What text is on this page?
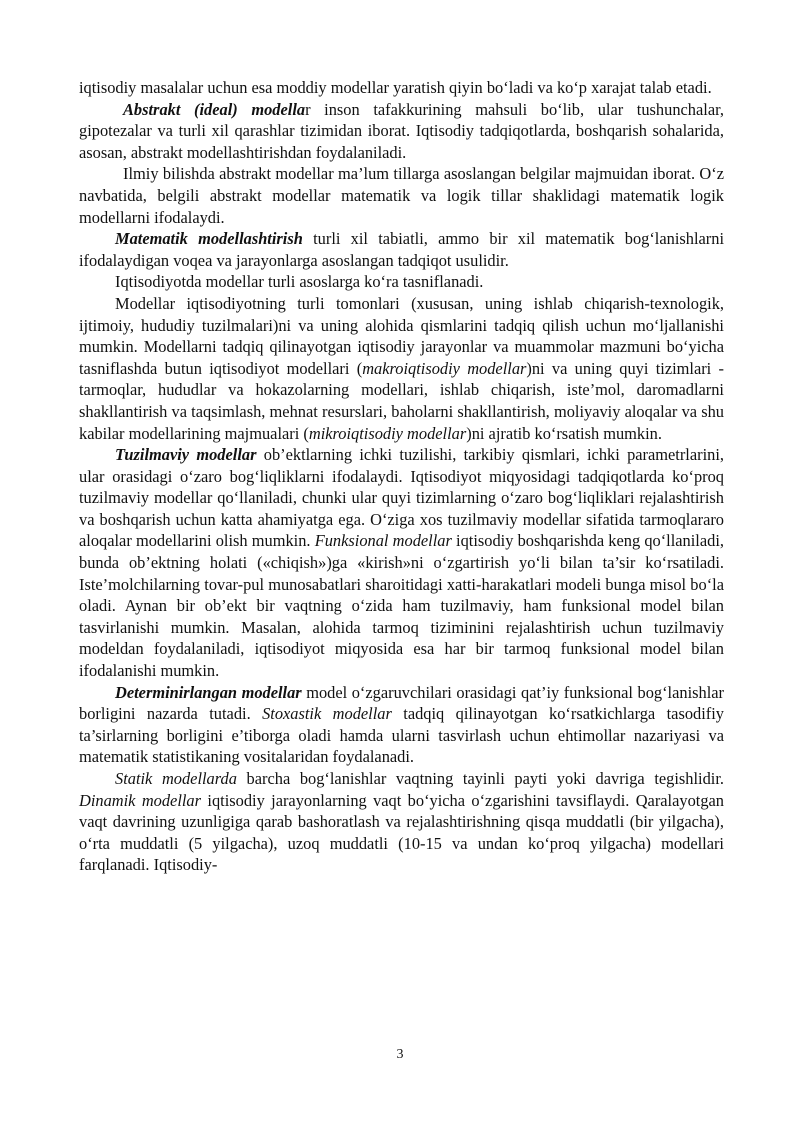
iqtisodiy masalalar uchun esa moddiy modellar yaratish qiyin bo‘ladi va ko‘p xarajat talab etadi.

Abstrakt (ideal) modellar inson tafakkurining mahsuli bo‘lib, ular tushunchalar, gipotezalar va turli xil qarashlar tizimidan iborat. Iqtisodiy tadqiqotlarda, boshqarish sohalarida, asosan, abstrakt modellashtirishdan foydalaniladi.

Ilmiy bilishda abstrakt modellar ma’lum tillarga asoslangan belgilar majmuidan iborat. O‘z navbatida, belgili abstrakt modellar matematik va logik tillar shaklidagi matematik logik modellarni ifodalaydi.

Matematik modellashtirish turli xil tabiatli, ammo bir xil matematik bog‘lanishlarni ifodalaydigan voqea va jarayonlarga asoslangan tadqiqot usulidir.

Iqtisodiyotda modellar turli asoslarga ko‘ra tasniflanadi.

Modellar iqtisodiyotning turli tomonlari (xususan, uning ishlab chiqarish-texnologik, ijtimoiy, hududiy tuzilmalari)ni va uning alohida qismlarini tadqiq qilish uchun mo‘ljallanishi mumkin. Modellarni tadqiq qilinayotgan iqtisodiy jarayonlar va muammolar mazmuni bo‘yicha tasniflashda butun iqtisodiyot modellari (makroiqtisodiy modellar)ni va uning quyi tizimlari - tarmoqlar, hududlar va hokazolarning modellari, ishlab chiqarish, iste’mol, daromadlarni shakllantirish va taqsimlash, mehnat resurslari, baholarni shakllantirish, moliyaviy aloqalar va shu kabilar modellarining majmualari (mikroiqtisodiy modellar)ni ajratib ko‘rsatish mumkin.

Tuzilmaviy modellar ob’ektlarning ichki tuzilishi, tarkibiy qismlari, ichki parametrlarini, ular orasidagi o‘zaro bog‘liqliklarni ifodalaydi. Iqtisodiyot miqyosidagi tadqiqotlarda ko‘proq tuzilmaviy modellar qo‘llaniladi, chunki ular quyi tizimlarning o‘zaro bog‘liqliklari rejalashtirish va boshqarish uchun katta ahamiyatga ega. O‘ziga xos tuzilmaviy modellar sifatida tarmoqlararo aloqalar modellarini olish mumkin. Funksional modellar iqtisodiy boshqarishda keng qo‘llaniladi, bunda ob’ektning holati («chiqish»)ga «kirish»ni o‘zgartirish yo‘li bilan ta’sir ko‘rsatiladi. Iste’molchilarning tovar-pul munosabatlari sharoitidagi xatti-harakatlari modeli bunga misol bo‘la oladi. Aynan bir ob’ekt bir vaqtning o‘zida ham tuzilmaviy, ham funksional model bilan tasvirlanishi mumkin. Masalan, alohida tarmoq tiziminini rejalashtirish uchun tuzilmaviy modeldan foydalaniladi, iqtisodiyot miqyosida esa har bir tarmoq funksional model bilan ifodalanishi mumkin.

Determinirlangan modellar model o‘zgaruvchilari orasidagi qat’iy funksional bog‘lanishlar borligini nazarda tutadi. Stoxastik modellar tadqiq qilinayotgan ko‘rsatkichlarga tasodifiy ta’sirlarning borligini e’tiborga oladi hamda ularni tasvirlash uchun ehtimollar nazariyasi va matematik statistikaning vositalaridan foydalanadi.

Statik modellarda barcha bog‘lanishlar vaqtning tayinli payti yoki davriga tegishlidir. Dinamik modellar iqtisodiy jarayonlarning vaqt bo‘yicha o‘zgarishini tavsiflaydi. Qaralayotgan vaqt davrining uzunligiga qarab bashoratlash va rejalashtirishning qisqa muddatli (bir yilgacha), o‘rta muddatli (5 yilgacha), uzoq muddatli (10-15 va undan ko‘proq yilgacha) modellari farqlanadi. Iqtisodiy-

3
